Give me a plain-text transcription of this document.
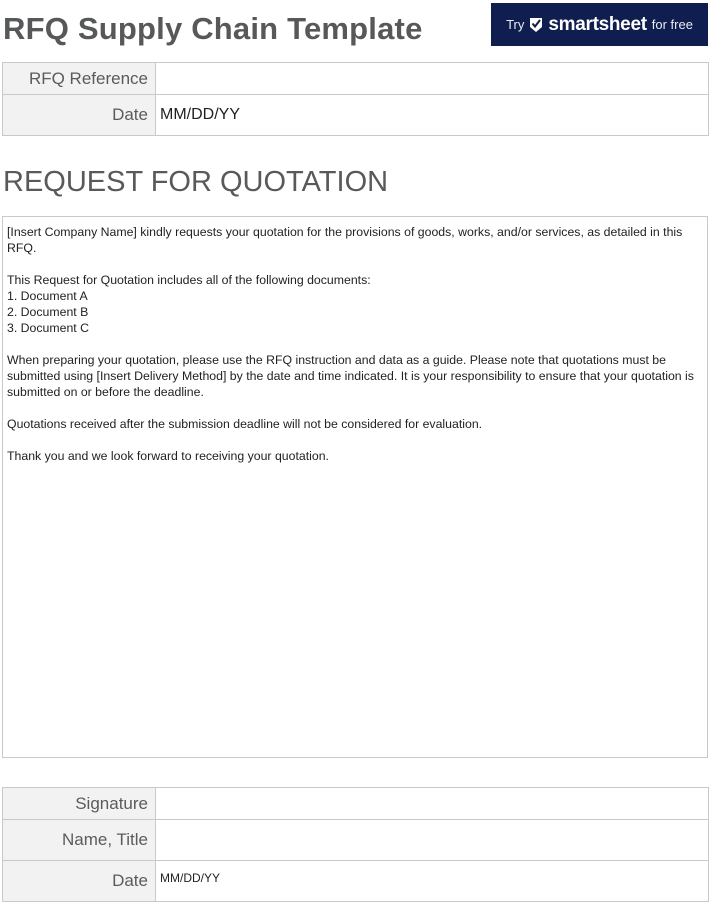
RFQ Supply Chain Template	Try smartsheet for free
RFQ Reference	
Date	MM/DD/YY
REQUEST FOR QUOTATION

[Insert Company Name] kindly requests your quotation for the provisions of goods, works, and/or services, as detailed in this RFQ.

This Request for Quotation includes all of the following documents:

1. Document A

2. Document B

3. Document C

When preparing your quotation, please use the RFQ instruction and data as a guide. Please note that quotations must be submitted using [Insert Delivery Method] by the date and time indicated. It is your responsibility to ensure that your quotation is submitted on or before the deadline.

Quotations received after the submission deadline will not be considered for evaluation.

Thank you and we look forward to receiving your quotation.

Signature	
Name, Title	
Date	MM/DD/YY
